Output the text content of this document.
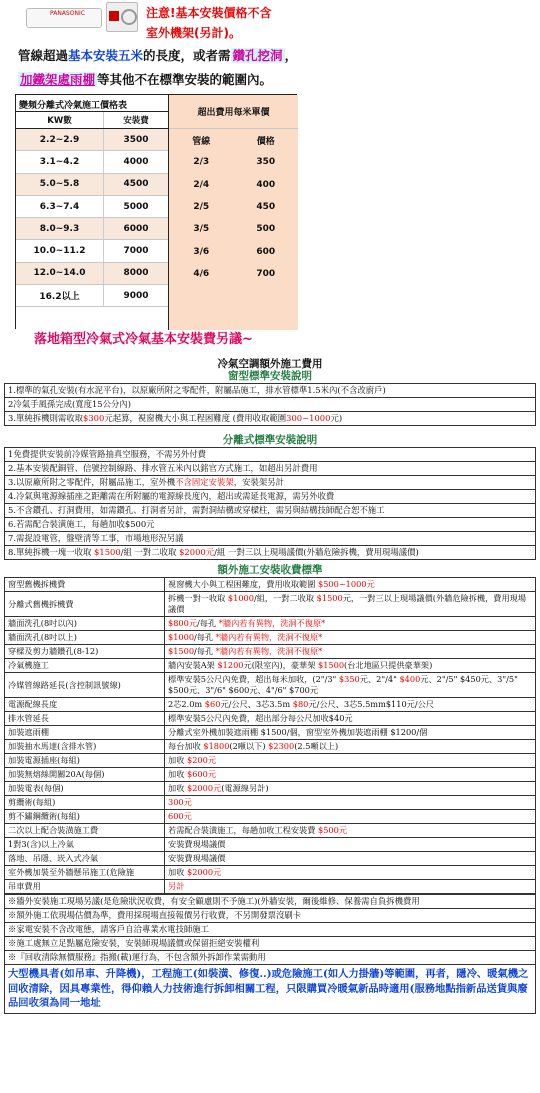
PANASONIC	注意!基本安裝價格不含
室外機架(另計)。
管線超過基本安裝五米的長度，或者需 鑽孔挖洞 ，
加鐵架處雨棚 等其他不在標準安裝的範圍內。
變頻分離式冷氣施工價格表
KW數	安裝費
2.2~2.9	3500
3.1~4.2	4000
5.0~5.8	4500
6.3~7.4	5000
8.0~9.3	6000
10.0~11.2	7000
12.0~14.0	8000
16.2以上	9000
超出費用每米單價
管線	價格
2/3	350
2/4	400
2/5	450
3/5	500
3/6	600
4/6	700
落地箱型冷氣式冷氣基本安裝費另議~
冷氣空調額外施工費用
窗型標準安裝說明
1.標準的氣孔安裝(有水泥平台)，以原廠所附之零配件，附屬品施工，排水管標準1.5米內(不含改廚戶)
2冷氣手風孫完成(寬度15公分內)
3.單純拆機則需收取$300元起算，視窗機大小與工程困難度 (費用收取範圍300~1000元)
分離式標準安裝說明
1免費提供安裝前冷媒管路抽真空服務，不需另外付費
2.基本安裝配銅管、信號控制線路、排水管五米內以銘官方式施工，如超出另計費用
3.以原廠所附之零配件，附屬品施工，室外機不含固定安裝架，安裝架另計
4.冷氣與電源線插座之距離需在所附屬的電源線長度內，超出或需延長電源，需另外收費
5.不含鑽孔、打洞費用，如需鑽孔、打洞者另計，需對洞結構或穿樑柱，需另與結構技師配合恕不施工
6.若需配合裝潢施工，每趟加收$500元
7.需捉設電管，盤壁清等工事，市場地形況另議
8.單純拆機一塊一收取 $1500/組 一對二收取 $2000元/組 一對三以上現場議價(外牆危險拆機，費用現場議價)
額外施工安裝收費標準
窗型舊機拆機費	視窗機大小與工程困難度，費用收取範圍 $500~1000元
分離式舊機拆機費	拆機一對一收取 $1000/組，一對二收取 $1500元，一對三以上現場議價(外牆危險拆機，費用現場議價
牆面洗孔(8吋以內)	$800元/每孔 *牆內若有異物，洗洞不復原*
牆面洗孔(8吋以上)	$1000/每孔 *牆內若有異物，洗洞不復原*
穿樑及剪力牆鑽孔(8-12)	$1500/每孔 *牆內若有異物，洗洞不復原*
冷氣機施工	牆內安裝A架 $1200元(限室內)，豪華架 $1500(台北地區只提供豪華架)
冷媒管線路延長(含控制訊號線)	標準安裝5公尺內免費，超出每米加收，(2"/3" $350元、2"/4" $400元、2"/5" $450元、3"/5" $500元、3"/6" $600元、4"/6" $700元
電源配線長度	2芯2.0m $60元/公尺、3芯3.5m $80元/公尺、3芯5.5mm$110元/公尺
排水管延長	標準安裝5公尺內免費，超出部分每公尺加收$40元
加裝遮雨棚	分離式室外機加裝遮雨棚 $1500/個，窗型室外機加裝遮雨棚 $1200/個
加裝抽水馬達(含排水管)	每台加收 $1800(2噸以下) $2300(2.5噸以上)
加裝電源插座(每組)	加收 $200元
加裝無熔絲開關20A(每個)	加收 $600元
加裝電表(每個)	加收 $2000元(電源線另計)
剪纜術(每組)	300元
剪不鏽鋼纜術(每組)	600元
二次以上配合裝潢施工費	若需配合裝潢施工，每趟加收工程安裝費 $500元
1對3(含)以上冷氣	安裝費現場議價
落地、吊隱、崁入式冷氣	安裝費現場議價
室外機加裝至外牆懸吊施工(危險施	加收 $2000元
吊車費用	另計
※牆外安裝施工現場另議(是危險狀況收費，有安全顧慮則不予施工)(外牆安裝，爾後維修、保養需自負拆機費用
※額外施工依現場估價為準，費用採現場直接報價另行收費，不另開發票沒刷卡
※家電安裝不含改電態，請客戶自洽專業水電技師施工
※施工處無立足點屬危險安裝，安裝師現場議價或保留拒絕安裝權利
※『回收清除無價服務』指搬(載)運行為，不包含額外拆卸作業需動用
大型機具者(如吊車、升降機)，工程施工(如裝潢、修復..)或危險施工(如人力掛牆)等範圍，再者，隱冷、暖氣機之回收清除，因具專業性，得仰賴人力技術進行拆卸相關工程，只限購買冷暖氣新品時適用(服務地點指新品送貨與廢品回收須為同一地址
